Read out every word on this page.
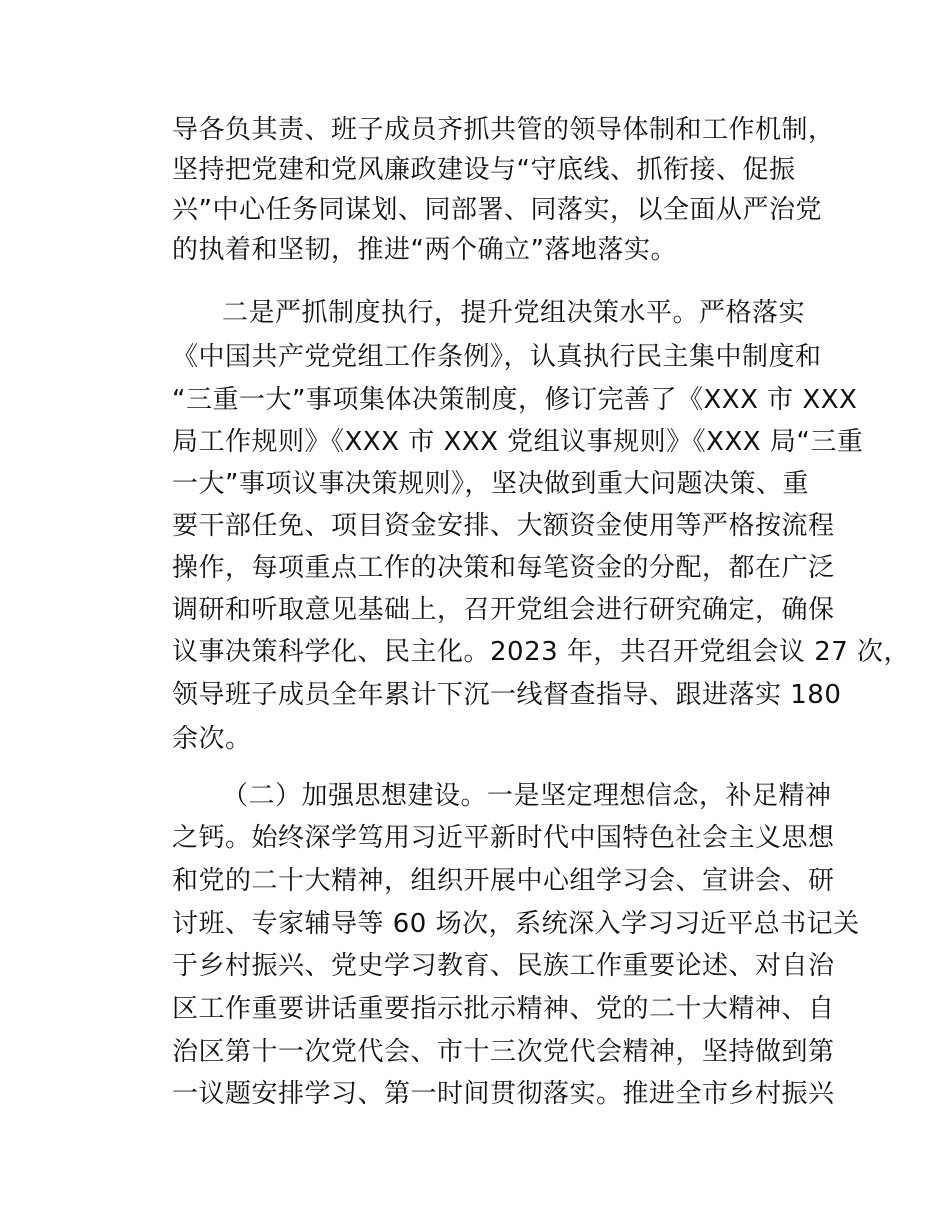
导各负其责、班子成员齐抓共管的领导体制和工作机制，
坚持把党建和党风廉政建设与“守底线、抓衔接、促振
兴”中心任务同谋划、同部署、同落实，以全面从严治党
的执着和坚韧，推进“两个确立”落地落实。
二是严抓制度执行，提升党组决策水平。严格落实
《中国共产党党组工作条例》，认真执行民主集中制度和
“三重一大”事项集体决策制度，修订完善了《XXX 市 XXX
局工作规则》《XXX 市 XXX 党组议事规则》《XXX 局“三重
一大”事项议事决策规则》，坚决做到重大问题决策、重
要干部任免、项目资金安排、大额资金使用等严格按流程
操作，每项重点工作的决策和每笔资金的分配，都在广泛
调研和听取意见基础上，召开党组会进行研究确定，确保
议事决策科学化、民主化。2023 年，共召开党组会议 27 次，
领导班子成员全年累计下沉一线督查指导、跟进落实 180
余次。
（二）加强思想建设。一是坚定理想信念，补足精神
之钙。始终深学笃用习近平新时代中国特色社会主义思想
和党的二十大精神，组织开展中心组学习会、宣讲会、研
讨班、专家辅导等 60 场次，系统深入学习习近平总书记关
于乡村振兴、党史学习教育、民族工作重要论述、对自治
区工作重要讲话重要指示批示精神、党的二十大精神、自
治区第十一次党代会、市十三次党代会精神，坚持做到第
一议题安排学习、第一时间贯彻落实。推进全市乡村振兴
